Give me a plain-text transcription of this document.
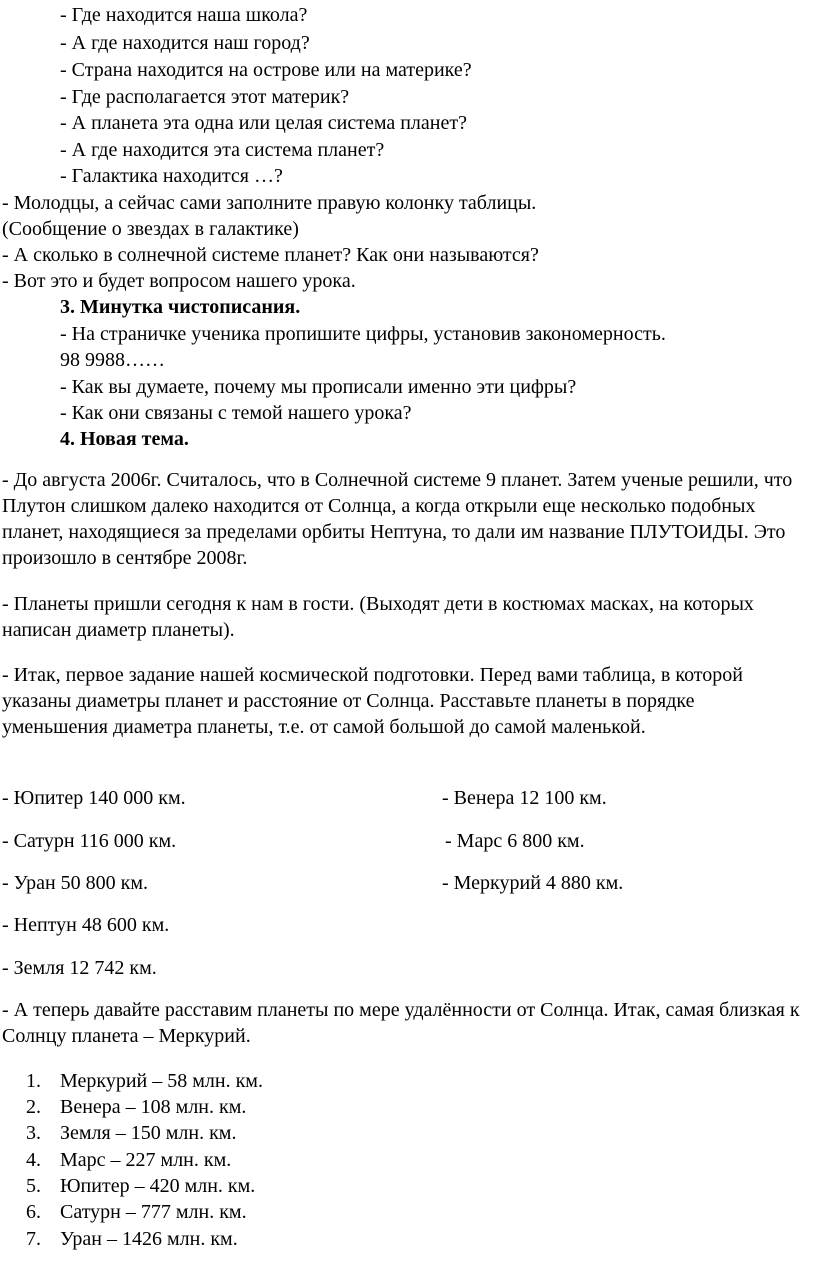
- Где находится наша школа?
- А где находится наш город?
- Страна находится на острове или на материке?
- Где располагается этот материк?
- А планета эта одна или целая система планет?
- А где находится эта система планет?
- Галактика находится …?
- Молодцы, а сейчас сами заполните правую колонку таблицы.
(Сообщение о звездах в галактике)
- А сколько в солнечной системе планет? Как они называются?
- Вот это и будет вопросом нашего урока.
3. Минутка чистописания.
- На страничке ученика пропишите цифры, установив закономерность.
98 9988……
- Как вы думаете, почему мы прописали именно эти цифры?
- Как они связаны с темой нашего урока?
4. Новая тема.
- До августа 2006г. Считалось, что в Солнечной системе 9 планет. Затем ученые решили, что Плутон слишком далеко находится от Солнца, а когда открыли еще несколько подобных планет, находящиеся за пределами орбиты Нептуна, то дали им название ПЛУТОИДЫ. Это произошло в сентябре 2008г.
- Планеты пришли сегодня к нам в гости. (Выходят дети в костюмах масках, на которых написан диаметр планеты).
- Итак, первое задание нашей космической подготовки. Перед вами таблица, в которой указаны диаметры планет и расстояние от Солнца. Расставьте планеты в порядке уменьшения диаметра планеты, т.е. от самой большой до самой маленькой.
- Юпитер 140 000 км.
- Сатурн 116 000 км.
- Уран 50 800 км.
- Нептун 48 600 км.
- Земля 12 742 км.
- Венера 12 100 км.
- Марс 6 800 км.
- Меркурий 4 880 км.
- А теперь давайте расставим планеты по мере удалённости от Солнца. Итак, самая близкая к Солнцу планета – Меркурий.
1. Меркурий – 58 млн. км.
2. Венера – 108 млн. км.
3. Земля – 150 млн. км.
4. Марс – 227 млн. км.
5. Юпитер – 420 млн. км.
6. Сатурн – 777 млн. км.
7. Уран – 1426 млн. км.
